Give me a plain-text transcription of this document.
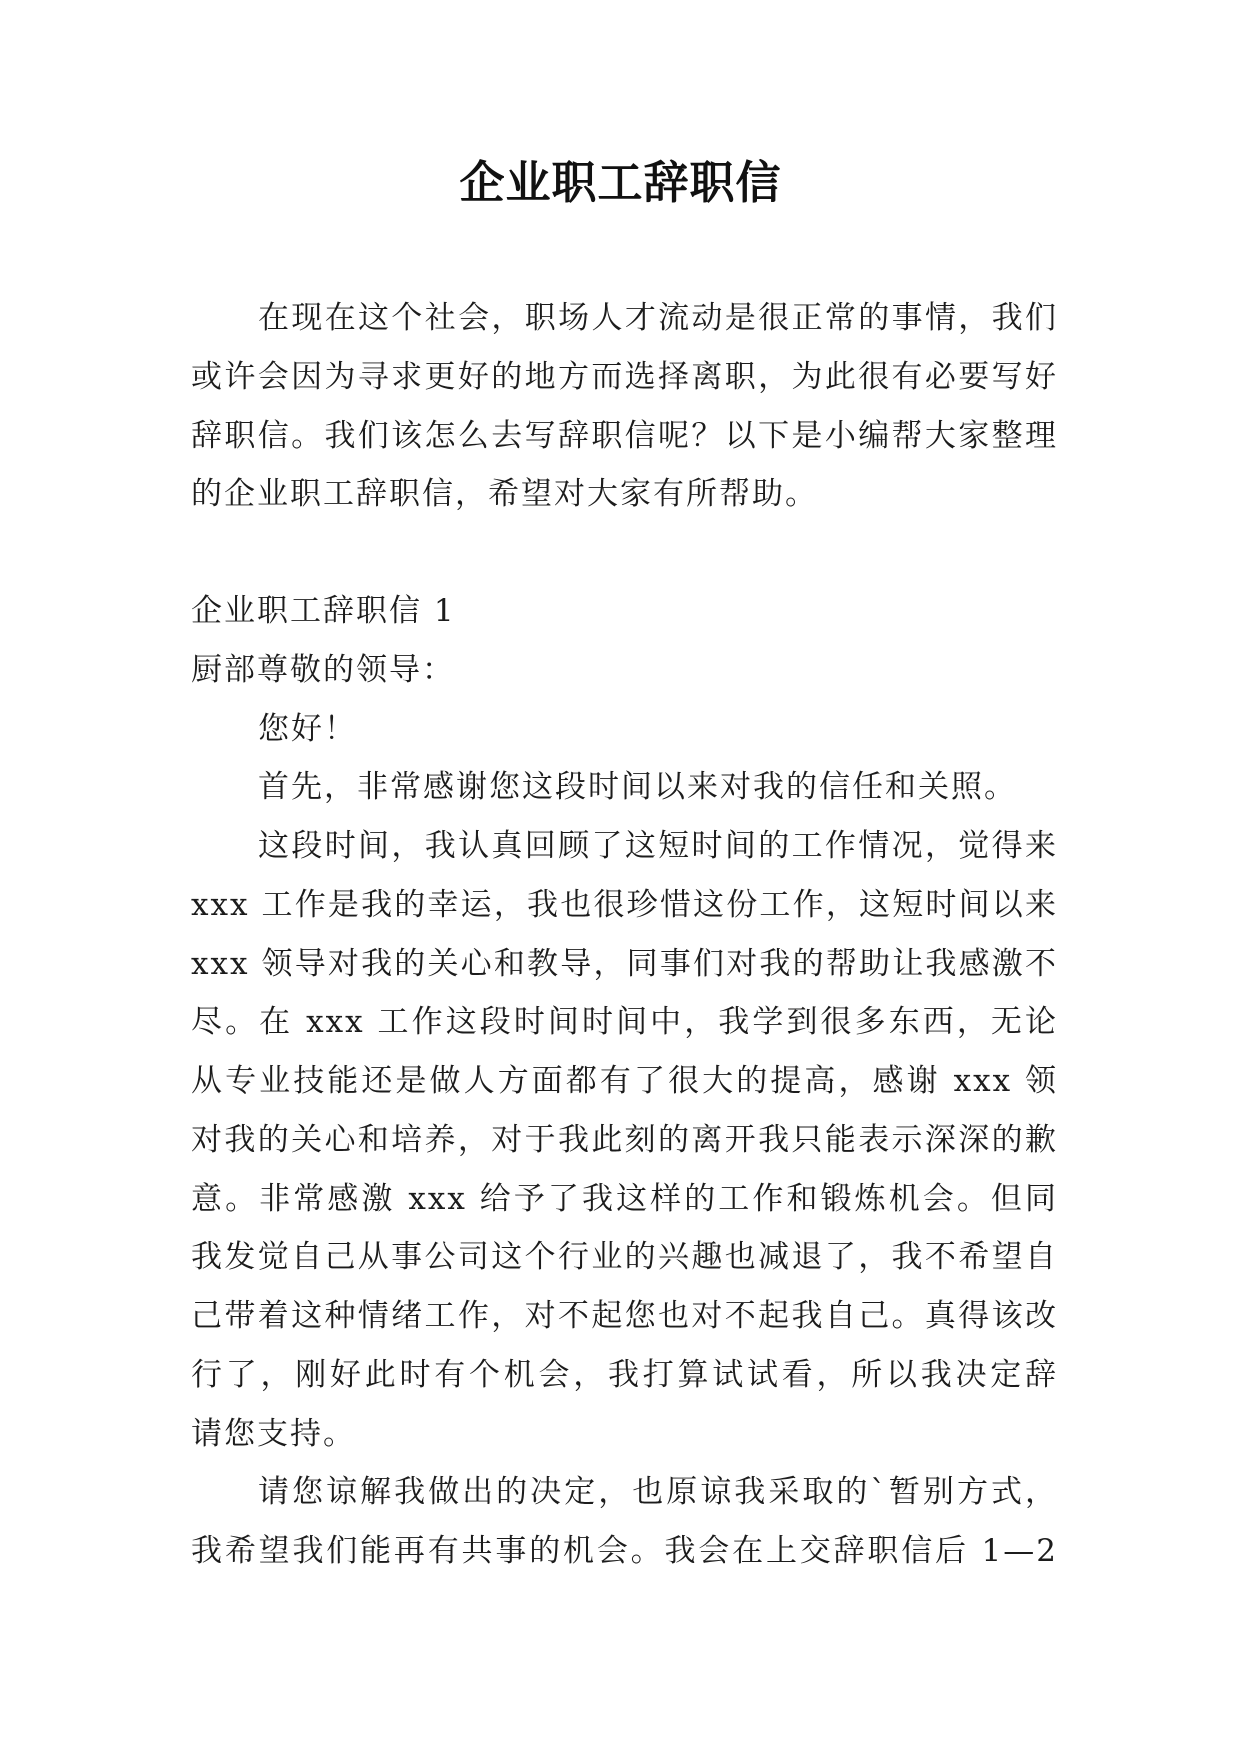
企业职工辞职信
在现在这个社会，职场人才流动是很正常的事情，我们
或许会因为寻求更好的地方而选择离职，为此很有必要写好
辞职信。我们该怎么去写辞职信呢？以下是小编帮大家整理
的企业职工辞职信，希望对大家有所帮助。
企业职工辞职信 1
厨部尊敬的领导：
您好！
首先，非常感谢您这段时间以来对我的信任和关照。
这段时间，我认真回顾了这短时间的工作情况，觉得来
xxx 工作是我的幸运，我也很珍惜这份工作，这短时间以来
xxx 领导对我的关心和教导，同事们对我的帮助让我感激不
尽。在 xxx 工作这段时间时间中，我学到很多东西，无论
从专业技能还是做人方面都有了很大的提高，感谢 xxx 领
对我的关心和培养，对于我此刻的离开我只能表示深深的歉
意。非常感激 xxx 给予了我这样的工作和锻炼机会。但同
我发觉自己从事公司这个行业的兴趣也减退了，我不希望自
己带着这种情绪工作，对不起您也对不起我自己。真得该改
行了，刚好此时有个机会，我打算试试看，所以我决定辞
请您支持。
请您谅解我做出的决定，也原谅我采取的`暂别方式，
我希望我们能再有共事的机会。我会在上交辞职信后 1—2
